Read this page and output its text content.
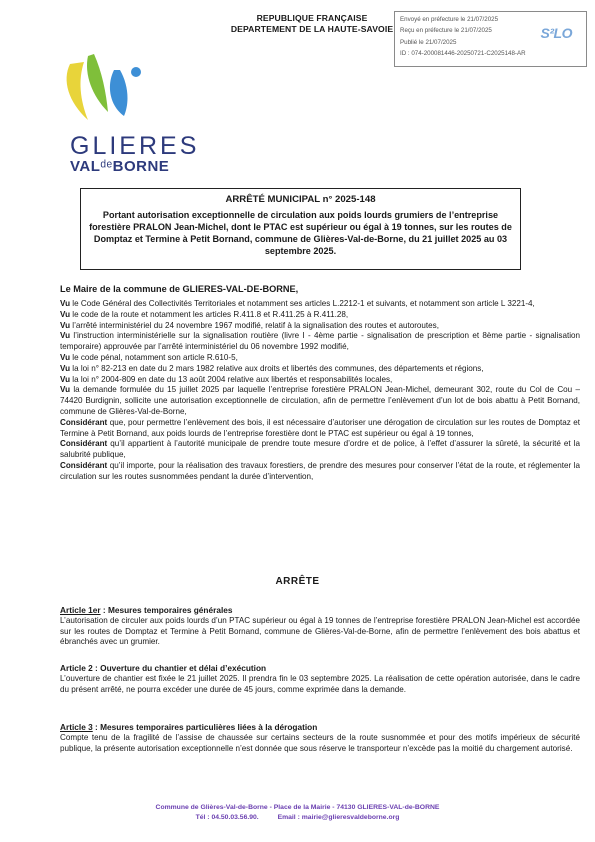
REPUBLIQUE FRANÇAISE
DEPARTEMENT DE LA HAUTE-SAVOIE
Envoyé en préfecture le 21/07/2025
Reçu en préfecture le 21/07/2025
Publié le 21/07/2025
ID : 074-200081446-20250721-C2025148-AR
S²LO
GLIERES
VALᵈᵉBORNE
ARRÊTÉ MUNICIPAL n° 2025-148
Portant autorisation exceptionnelle de circulation aux poids lourds grumiers de l’entreprise forestière PRALON Jean-Michel, dont le PTAC est supérieur ou égal à 19 tonnes, sur les routes de Domptaz et Termine à Petit Bornand, commune de Glières-Val-de-Borne, du 21 juillet 2025 au 03 septembre 2025.
Le Maire de la commune de GLIERES-VAL-DE-BORNE,

Vu le Code Général des Collectivités Territoriales et notamment ses articles L.2212-1 et suivants, et notamment son article L 3221-4,

Vu le code de la route et notamment les articles R.411.8 et R.411.25 à R.411.28,

Vu l’arrêté interministériel du 24 novembre 1967 modifié, relatif à la signalisation des routes et autoroutes,

Vu l’instruction interministérielle sur la signalisation routière (livre I - 4ème partie - signalisation de prescription et 8ème partie - signalisation temporaire) approuvée par l’arrêté interministériel du 06 novembre 1992 modifié,

Vu le code pénal, notamment son article R.610-5,

Vu la loi n° 82-213 en date du 2 mars 1982 relative aux droits et libertés des communes, des départements et régions,

Vu la loi n° 2004-809 en date du 13 août 2004 relative aux libertés et responsabilités locales,

Vu la demande formulée du 15 juillet 2025 par laquelle l’entreprise forestière PRALON Jean-Michel, demeurant 302, route du Col de Cou – 74420 Burdignin, sollicite une autorisation exceptionnelle de circulation, afin de permettre l’enlèvement d’un lot de bois abattu à Petit Bornand, commune de Glières-Val-de-Borne,

Considérant que, pour permettre l’enlèvement des bois, il est nécessaire d’autoriser une dérogation de circulation sur les routes de Domptaz et Termine à Petit Bornand, aux poids lourds de l’entreprise forestière dont le PTAC est supérieur ou égal à 19 tonnes,

Considérant qu’il appartient à l’autorité municipale de prendre toute mesure d’ordre et de police, à l’effet d’assurer la sûreté, la sécurité et la salubrité publique,

Considérant qu’il importe, pour la réalisation des travaux forestiers, de prendre des mesures pour conserver l’état de la route, et réglementer la circulation sur les routes susnommées pendant la durée d’intervention,

ARRÊTE
Article 1er : Mesures temporaires générales
L’autorisation de circuler aux poids lourds d’un PTAC supérieur ou égal à 19 tonnes de l’entreprise forestière PRALON Jean-Michel est accordée sur les routes de Domptaz et Termine à Petit Bornand, commune de Glières-Val-de-Borne, afin de permettre l’enlèvement des bois abattus et ébranchés avec un grumier.
Article 2 : Ouverture du chantier et délai d’exécution
L’ouverture de chantier est fixée le 21 juillet 2025. Il prendra fin le 03 septembre 2025. La réalisation de cette opération autorisée, dans le cadre du présent arrêté, ne pourra excéder une durée de 45 jours, comme exprimée dans la demande.
Article 3 : Mesures temporaires particulières liées à la dérogation
Compte tenu de la fragilité de l’assise de chaussée sur certains secteurs de la route susnommée et pour des motifs impérieux de sécurité publique, la présente autorisation exceptionnelle n’est donnée que sous réserve le transporteur n’excède pas la moitié du chargement autorisé.
Commune de Glières-Val-de-Borne - Place de la Mairie - 74130 GLIERES-VAL-de-BORNE
Tél : 04.50.03.56.90.          Email : mairie@glieresvaldeborne.org
